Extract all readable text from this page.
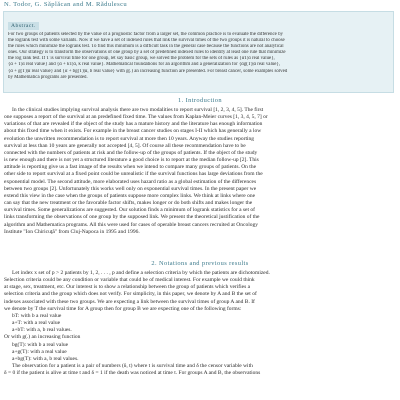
N. Todor, G. Săplăcan and M. Rădulescu
Abstract.

For two groups of patients selected by the value of a prognostic factor from a larger set, the common practice is to evaluate the difference by

the logrank test with some variants. Now if we have a set of indexed rules that link the survival times of the two groups it is natural to choose

the rules which minimize the logrank test. To find this minimum is a difficult task in the general case because the functions are not analytical

ones. Our strategy is to transform the observations of one group by a set of predefined indexed rules to identify at least one rule that minimize

the log rank test. If T is survival time for one group, let say basic group, we solved the problem for the sets of rules as {αT|α real value},

{α + T|α real value} and {α + kT|α, k real value}. Mathematical foundations for an algorithm and a generalization for {αg(T)|α real value},

{α + g(T)|α real value} and {α + bg(T)|α, b real value} with g(.) an increasing function are presented. For breast cancer, some examples solved

by Mathematica programs are presented.

1. Introduction

In the clinical studies implying survival analysis there are two modalities to report survival [1, 2, 3, 4, 5]. The first

one supposes a report of the survival at an predefined fixed time. The values from Kaplan-Meier curves [1, 3, 4, 5, 7] or

variations of that are revealed if the object of the study has a mature history and the literature has enough information

about this fixed time when it exists. For example in the breast cancer studies on stages I-II which has generally a low

evolution the unwritten recommendation is to report survival at more then 10 years. Anyway the studies reporting

survival at less than 10 years are generally not accepted [4, 5]. Of course all these recommendation have to be

connected with the numbers of patients at risk and the follow-up of the groups of patients. If the object of the study

is new enough and there is not yet a structured literature a good choice is to report at the median follow-up [2]. This

attitude is reporting give us a fast image of the results when we intend to compare many groups of patients. On the

other side to report survival at a fixed point could be unrealistic if the survival functions has large deviations from the

exponential model. The second attitude, more elaborated uses hazard ratio as a global estimation of the differences

between two groups [2]. Unfortunately this works well only on exponential survival times. In the present paper we

extend this view in the case when the groups of patients suppose more complex links. We think at links where one

can say that the new treatment or the favorable factor shifts, makes longer or do both shifts and makes longer the

survival times. Some generalizations are suggested. Our solution finds a minimum of logrank statistics for a set of

links transforming the observations of one group by the supposed link. We present the theoretical justification of the

algorithm and Mathematica programs. All this were used for cases of operable breast cancers recruited at Oncology

Institute "Ion Chiricuţă" from Cluj-Napoca in 1995 and 1996.

2. Notations and previous results

Let index x set of p > 2 patients by 1, 2, . . . , p and define a selection criteria by which the patients are dichotomized.

Selection criteria could be any condition or variable that could be of medical interest. For example we could think

at stage, sex, treatment, etc. Our interest is to show a relationship between the group of patients which verifies a

selection criteria and the group which does not verify. For simplicity, in this paper, we denote by A and B the set of

indexes associated with these two groups. We are expecting a link between the survival times of group A and B. If

we denote by T the survival time for A group then for group B we are expecting one of the following forms:

bT: with b a real value

a+T: with a real value

a+bT: with a, b real values.

Or with g(.) an increasing function

bg(T): with b a real value

a+g(T): with a real value

a+bg(T): with a, b real values.

The observation for a patient is a pair of numbers (δ, t) where t is survival time and δ the censor variable with

δ = 0 if the patient is alive at time t and δ = 1 if the death was noticed at time t. For groups A and B, the observations
